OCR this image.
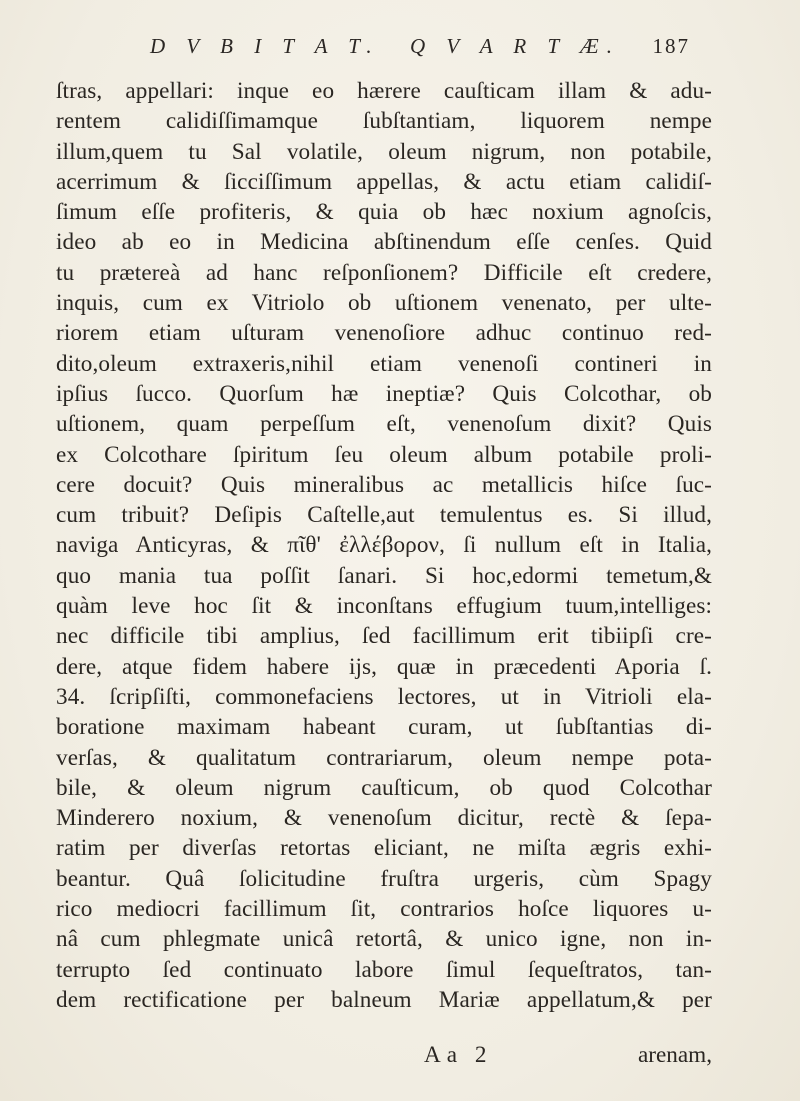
D V B I T A T. Q V A R T Æ. 187
ſtras, appellari: inque eo hærere cauſticam illam & adu-
rentem calidiſſimamque ſubſtantiam, liquorem nempe
illum,quem tu Sal volatile, oleum nigrum, non potabile,
acerrimum & ſicciſſimum appellas, & actu etiam calidiſ-
ſimum eſſe profiteris, & quia ob hæc noxium agnoſcis,
ideo ab eo in Medicina abſtinendum eſſe cenſes. Quid
tu prætereà ad hanc reſponſionem? Difficile eſt credere,
inquis, cum ex Vitriolo ob uſtionem venenato, per ulte-
riorem etiam uſturam venenoſiore adhuc continuo red-
dito,oleum extraxeris,nihil etiam venenoſi contineri in
ipſius ſucco. Quorſum hæ ineptiæ? Quis Colcothar, ob
uſtionem, quam perpeſſum eſt, venenoſum dixit? Quis
ex Colcothare ſpiritum ſeu oleum album potabile proli-
cere docuit? Quis mineralibus ac metallicis hiſce ſuc-
cum tribuit? Deſipis Caſtelle,aut temulentus es. Si illud,
naviga Anticyras, & πῖθ' ἐλλέβορον, ſi nullum eſt in Italia,
quo mania tua poſſit ſanari. Si hoc,edormi temetum,&
quàm leve hoc ſit & inconſtans effugium tuum,intelliges:
nec difficile tibi amplius, ſed facillimum erit tibiipſi cre-
dere, atque fidem habere ijs, quæ in præcedenti Aporia ſ.
34. ſcripſiſti, commonefaciens lectores, ut in Vitrioli ela-
boratione maximam habeant curam, ut ſubſtantias di-
verſas, & qualitatum contrariarum, oleum nempe pota-
bile, & oleum nigrum cauſticum, ob quod Colcothar
Minderero noxium, & venenoſum dicitur, rectè & ſepa-
ratim per diverſas retortas eliciant, ne miſta ægris exhi-
beantur. Quâ ſolicitudine fruſtra urgeris, cùm Spagy
rico mediocri facillimum ſit, contrarios hoſce liquores u-
nâ cum phlegmate unicâ retortâ, & unico igne, non in-
terrupto ſed continuato labore ſimul ſequeſtratos, tan-
dem rectificatione per balneum Mariæ appellatum,& per
Aa 2	arenam,
